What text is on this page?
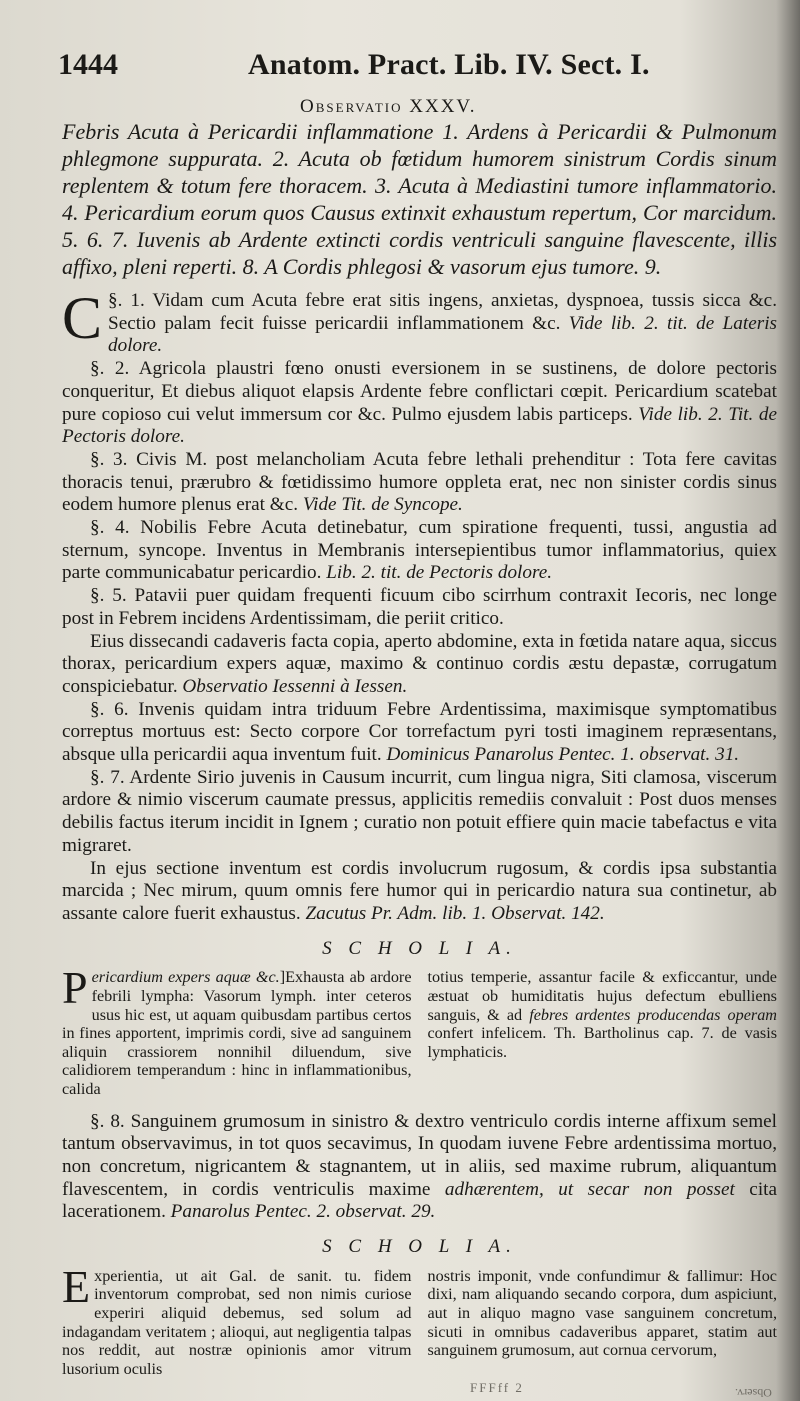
1444	Anatom. Pract. Lib. IV. Sect. I.
Observatio XXXV.
Febris Acuta à Pericardii inflammatione 1. Ardens à Pericardii & Pulmonum phlegmone suppurata. 2. Acuta ob fœtidum humorem sinistrum Cordis sinum replentem & totum fere thoracem. 3. Acuta à Mediastini tumore inflammatorio. 4. Pericardium eorum quos Causus extinxit exhaustum repertum, Cor marcidum. 5. 6. 7. Iuvenis ab Ardente extincti cordis ventriculi sanguine flavescente, illis affixo, pleni reperti. 8. A Cordis phlegosi & vasorum ejus tumore. 9.

C §. 1. Vidam cum Acuta febre erat sitis ingens, anxietas, dyspnoea, tussis sicca &c. Sectio palam fecit fuisse pericardii inflammationem &c. Vide lib. 2. tit. de Lateris dolore.

§. 2. Agricola plaustri fœno onusti eversionem in se sustinens, de dolore pectoris conqueritur, Et diebus aliquot elapsis Ardente febre conflictari cœpit. Pericardium scatebat pure copioso cui velut immersum cor &c. Pulmo ejusdem labis particeps. Vide lib. 2. Tit. de Pectoris dolore.

§. 3. Civis M. post melancholiam Acuta febre lethali prehenditur : Tota fere cavitas thoracis tenui, prærubro & fœtidissimo humore oppleta erat, nec non sinister cordis sinus eodem humore plenus erat &c. Vide Tit. de Syncope.

§. 4. Nobilis Febre Acuta detinebatur, cum spiratione frequenti, tussi, angustia ad sternum, syncope. Inventus in Membranis intersepientibus tumor inflammatorius, quiex parte communicabatur pericardio. Lib. 2. tit. de Pectoris dolore.

§. 5. Patavii puer quidam frequenti ficuum cibo scirrhum contraxit Iecoris, nec longe post in Febrem incidens Ardentissimam, die periit critico.

Eius dissecandi cadaveris facta copia, aperto abdomine, exta in fœtida natare aqua, siccus thorax, pericardium expers aquæ, maximo & continuo cordis æstu depastæ, corrugatum conspiciebatur. Observatio Iessenni à Iessen.

§. 6. Invenis quidam intra triduum Febre Ardentissima, maximisque symptomatibus correptus mortuus est: Secto corpore Cor torrefactum pyri tosti imaginem repræsentans, absque ulla pericardii aqua inventum fuit. Dominicus Panarolus Pentec. 1. observat. 31.

§. 7. Ardente Sirio juvenis in Causum incurrit, cum lingua nigra, Siti clamosa, viscerum ardore & nimio viscerum caumate pressus, applicitis remediis convaluit : Post duos menses debilis factus iterum incidit in Ignem ; curatio non potuit effiere quin macie tabefactus e vita migraret.

In ejus sectione inventum est cordis involucrum rugosum, & cordis ipsa substantia marcida ; Nec mirum, quum omnis fere humor qui in pericardio natura sua continetur, ab assante calore fuerit exhaustus. Zacutus Pr. Adm. lib. 1. Observat. 142.

S C H O L I A.
Pericardium expers aquæ &c.]Exhausta ab ardore febrili lympha: Vasorum lymph. inter ceteros usus hic est, ut aquam quibusdam partibus certos in fines apportent, imprimis cordi, sive ad sanguinem aliquin crassiorem nonnihil diluendum, sive calidiorem temperandum : hinc in inflammationibus, calida
totius temperie, assantur facile & exficcantur, unde æstuat ob humiditatis hujus defectum ebulliens sanguis, & ad febres ardentes producendas operam confert infelicem. Th. Bartholinus cap. 7. de vasis lymphaticis.

§. 8. Sanguinem grumosum in sinistro & dextro ventriculo cordis interne affixum semel tantum observavimus, in tot quos secavimus, In quodam iuvene Febre ardentissima mortuo, non concretum, nigricantem & stagnantem, ut in aliis, sed maxime rubrum, aliquantum flavescentem, in cordis ventriculis maxime adhærentem, ut secar non posset cita lacerationem. Panarolus Pentec. 2. observat. 29.

S C H O L I A.
Experientia, ut ait Gal. de sanit. tu. fidem inventorum comprobat, sed non nimis curiose experiri aliquid debemus, sed solum ad indagandam veritatem ; alioqui, aut negligentia talpas nos reddit, aut nostræ opinionis amor vitrum lusorium oculis
nostris imponit, vnde confundimur & fallimur: Hoc dixi, nam aliquando secando corpora, dum aspiciunt, aut in aliquo magno vase sanguinem concretum, sicuti in omnibus cadaveribus apparet, statim aut sanguinem grumosum, aut cornua cervorum,
FFFff 2	Observ.
